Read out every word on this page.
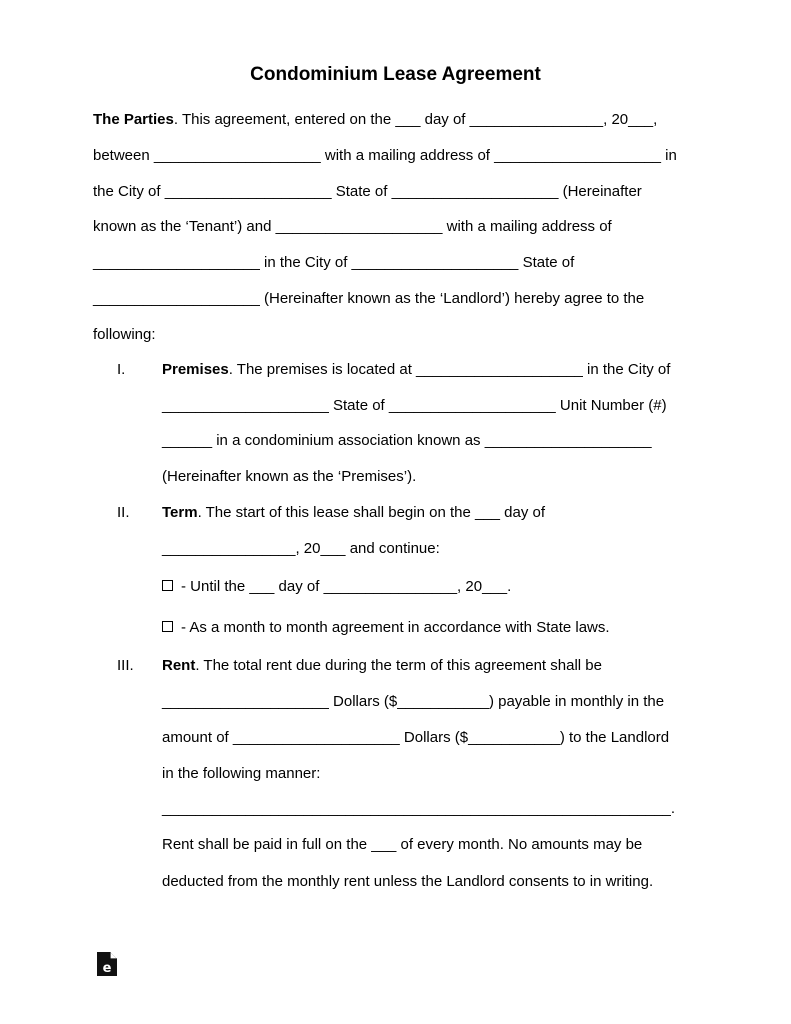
Condominium Lease Agreement
The Parties. This agreement, entered on the ___ day of ________________, 20___,
between ____________________ with a mailing address of ____________________ in
the City of ____________________ State of ____________________ (Hereinafter
known as the ‘Tenant’) and ____________________ with a mailing address of
____________________ in the City of ____________________ State of
____________________ (Hereinafter known as the ‘Landlord’) hereby agree to the
following:
I. Premises. The premises is located at ____________________ in the City of
____________________ State of ____________________ Unit Number (#)
______ in a condominium association known as ____________________
(Hereinafter known as the ‘Premises’).
II. Term. The start of this lease shall begin on the ___ day of
________________, 20___ and continue:
- Until the ___ day of ________________, 20___.
- As a month to month agreement in accordance with State laws.
III. Rent. The total rent due during the term of this agreement shall be
____________________ Dollars ($___________) payable in monthly in the
amount of ____________________ Dollars ($___________) to the Landlord
in the following manner:
_____________________________________________________________.
Rent shall be paid in full on the ___ of every month. No amounts may be
deducted from the monthly rent unless the Landlord consents to in writing.
e
